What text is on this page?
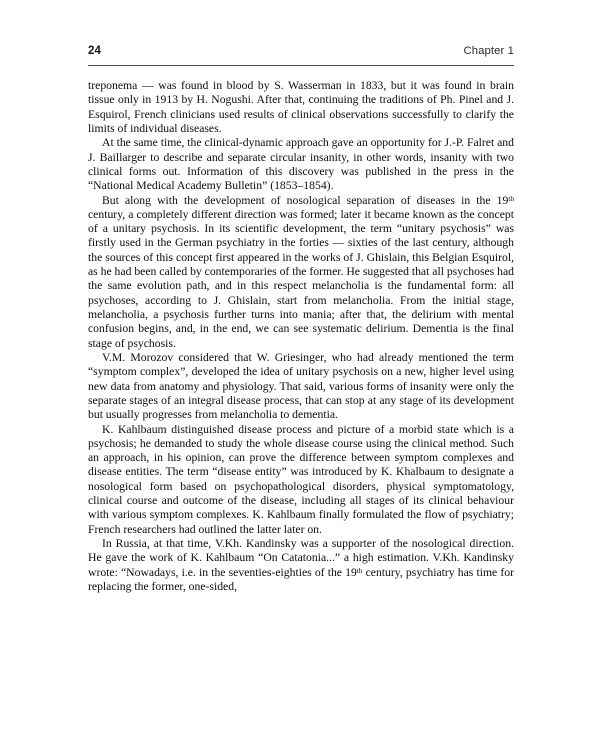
24	Chapter 1

treponema — was found in blood by S. Wasserman in 1833, but it was found in brain tissue only in 1913 by H. Nogushi. After that, continuing the traditions of Ph. Pinel and J. Esquirol, French clinicians used results of clinical observations successfully to clarify the limits of individual diseases.

At the same time, the clinical-dynamic approach gave an opportunity for J.-P. Falret and J. Baillarger to describe and separate circular insanity, in other words, insanity with two clinical forms out. Information of this discovery was published in the press in the “National Medical Academy Bulletin” (1853–1854).

But along with the development of nosological separation of diseases in the 19th century, a completely different direction was formed; later it became known as the concept of a unitary psychosis. In its scientific development, the term “unitary psychosis” was firstly used in the German psychiatry in the forties — sixties of the last century, although the sources of this concept first appeared in the works of J. Ghislain, this Belgian Esquirol, as he had been called by contemporaries of the former. He suggested that all psychoses had the same evolution path, and in this respect melancholia is the fundamental form: all psychoses, according to J. Ghislain, start from melancholia. From the initial stage, melancholia, a psychosis further turns into mania; after that, the delirium with mental confusion begins, and, in the end, we can see systematic delirium. Dementia is the final stage of psychosis.

V.M. Morozov considered that W. Griesinger, who had already mentioned the term “symptom complex”, developed the idea of unitary psychosis on a new, higher level using new data from anatomy and physiology. That said, various forms of insanity were only the separate stages of an integral disease process, that can stop at any stage of its development but usually progresses from melancholia to dementia.

K. Kahlbaum distinguished disease process and picture of a morbid state which is a psychosis; he demanded to study the whole disease course using the clinical method. Such an approach, in his opinion, can prove the difference between symptom complexes and disease entities. The term “disease entity” was introduced by K. Khalbaum to designate a nosological form based on psychopathological disorders, physical symptomatology, clinical course and outcome of the disease, including all stages of its clinical behaviour with various symptom complexes. K. Kahlbaum finally formulated the flow of psychiatry; French researchers had outlined the latter later on.

In Russia, at that time, V.Kh. Kandinsky was a supporter of the nosological direction. He gave the work of K. Kahlbaum “On Catatonia...” a high estimation. V.Kh. Kandinsky wrote: “Nowadays, i.e. in the seventies-eighties of the 19th century, psychiatry has time for replacing the former, one-sided,
